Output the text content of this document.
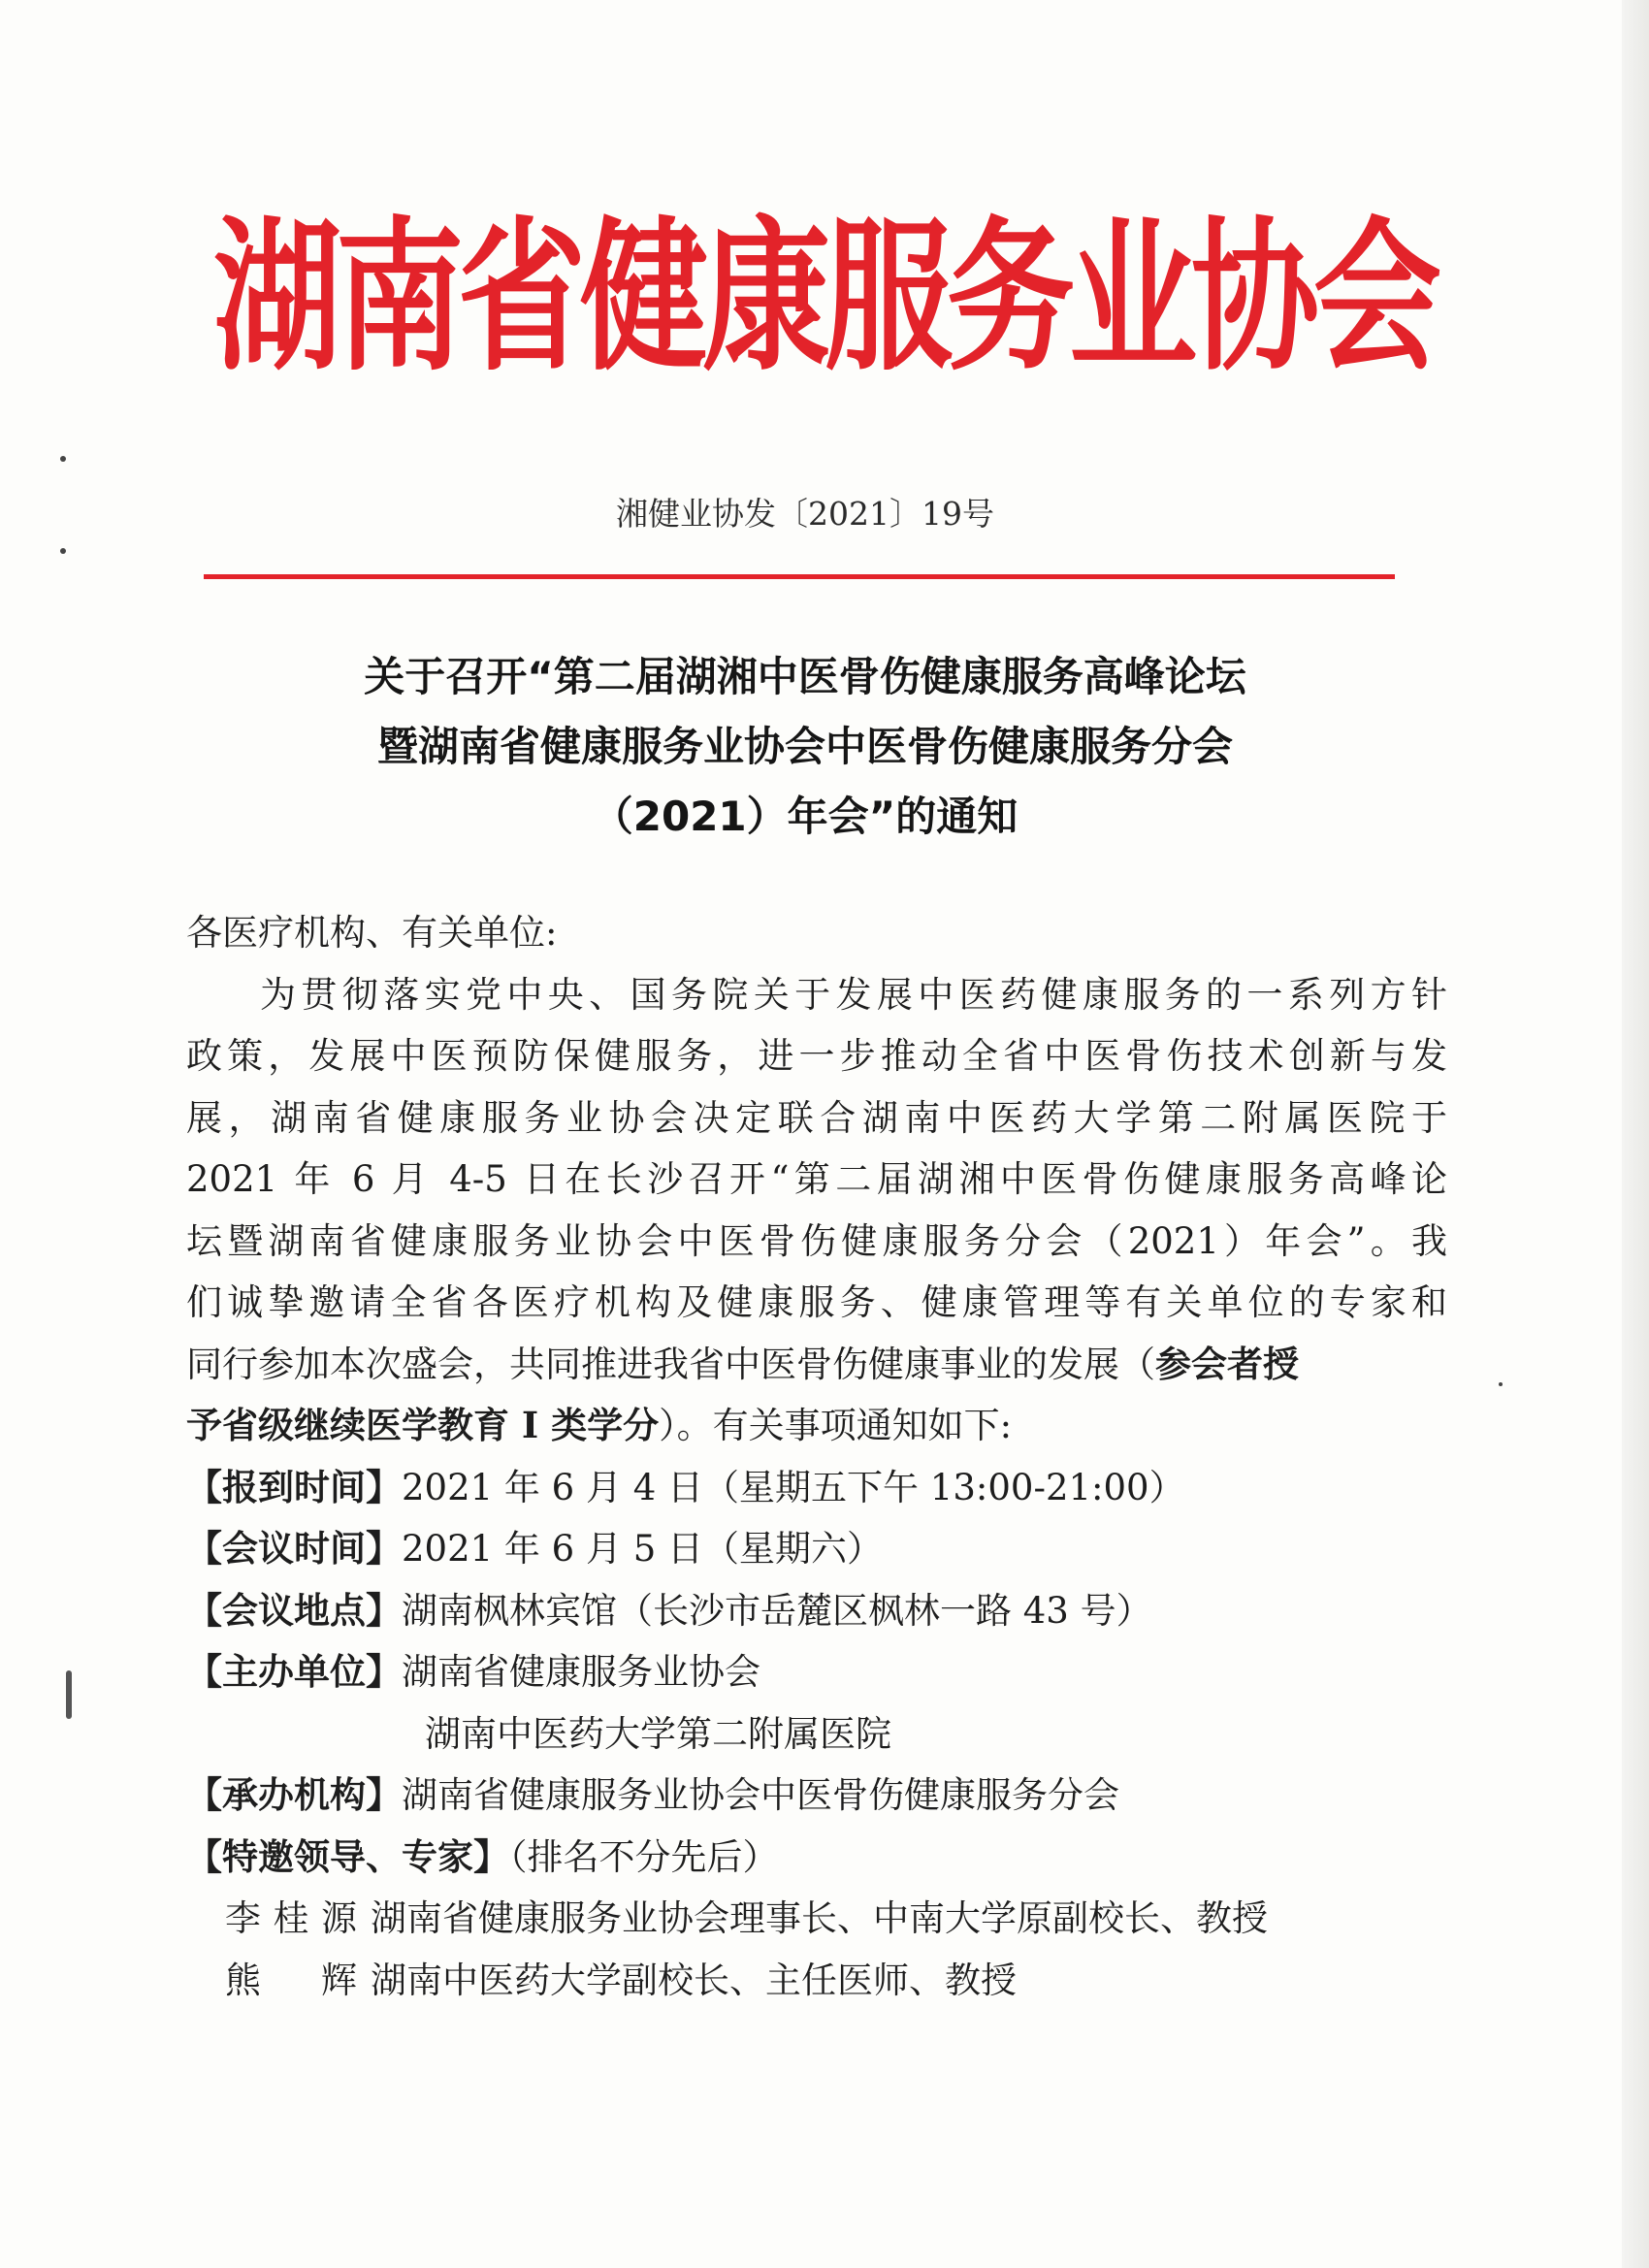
湖南省健康服务业协会
湘健业协发〔2021〕19号
关于召开“第二届湖湘中医骨伤健康服务高峰论坛
暨湖南省健康服务业协会中医骨伤健康服务分会
（2021）年会”的通知
各医疗机构、有关单位:
为贯彻落实党中央、国务院关于发展中医药健康服务的一系列方针
政策，发展中医预防保健服务，进一步推动全省中医骨伤技术创新与发
展，湖南省健康服务业协会决定联合湖南中医药大学第二附属医院于
2021 年 6 月 4-5 日在长沙召开“第二届湖湘中医骨伤健康服务高峰论
坛暨湖南省健康服务业协会中医骨伤健康服务分会（2021）年会”。我
们诚挚邀请全省各医疗机构及健康服务、健康管理等有关单位的专家和
同行参加本次盛会，共同推进我省中医骨伤健康事业的发展（参会者授
予省级继续医学教育 I 类学分）。有关事项通知如下:
【报到时间】2021 年 6 月 4 日（星期五下午 13:00-21:00）
【会议时间】2021 年 6 月 5 日（星期六）
【会议地点】湖南枫林宾馆（长沙市岳麓区枫林一路 43 号）
【主办单位】湖南省健康服务业协会
湖南中医药大学第二附属医院
【承办机构】湖南省健康服务业协会中医骨伤健康服务分会
【特邀领导、专家】（排名不分先后）
李桂源 湖南省健康服务业协会理事长、中南大学原副校长、教授
熊 辉 湖南中医药大学副校长、主任医师、教授
